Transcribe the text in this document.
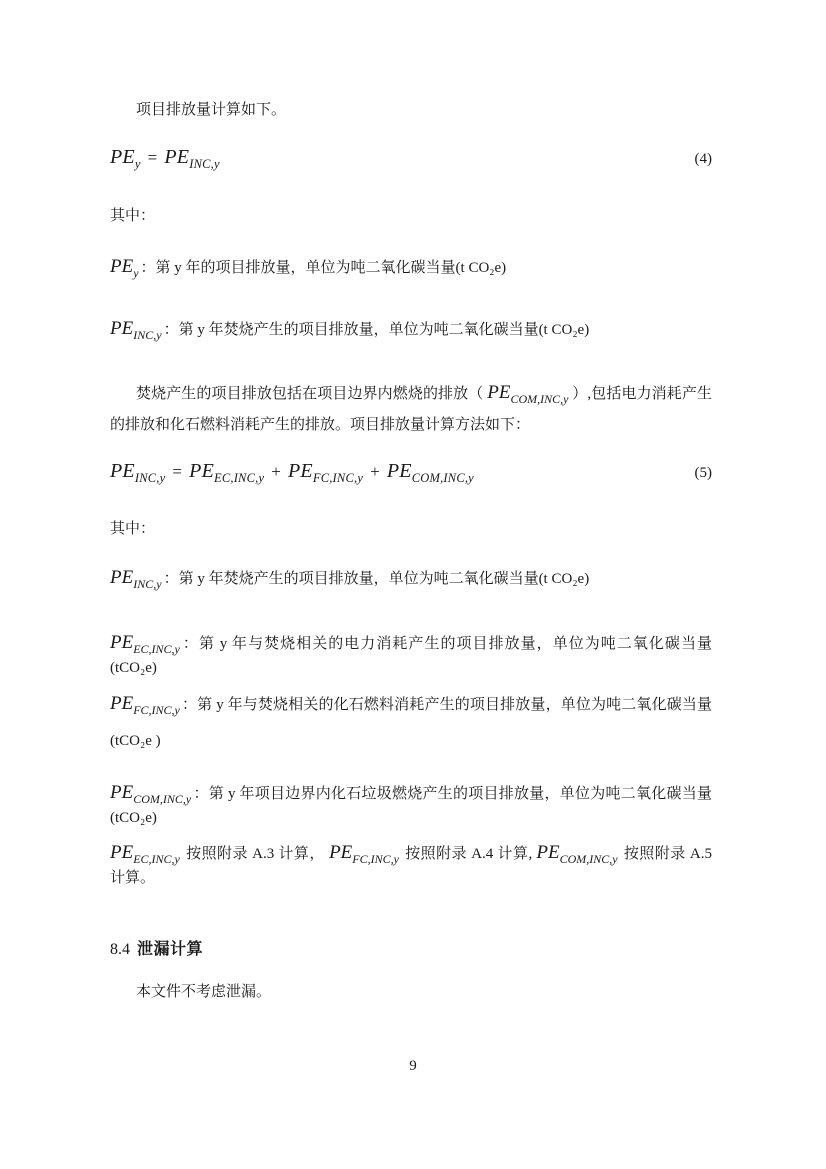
项目排放量计算如下。

$PE_y = PE_{INC,y}$	(4)

其中：

$PE_y$ ：第 y 年的项目排放量，单位为吨二氧化碳当量(t CO₂e)

$PE_{INC,y}$ ：第 y 年焚烧产生的项目排放量，单位为吨二氧化碳当量(t CO₂e)

焚烧产生的项目排放包括在项目边界内燃烧的排放（ $PE_{COM,INC,y}$ ）,包括电力消耗产生的排放和化石燃料消耗产生的排放。项目排放量计算方法如下：

$PE_{INC,y} = PE_{EC,INC,y} + PE_{FC,INC,y} + PE_{COM,INC,y}$	(5)

其中：

$PE_{INC,y}$ ：第 y 年焚烧产生的项目排放量，单位为吨二氧化碳当量(t CO₂e)

$PE_{EC,INC,y}$ ：第 y 年与焚烧相关的电力消耗产生的项目排放量，单位为吨二氧化碳当量(tCO₂e)

$PE_{FC,INC,y}$ ：第 y 年与焚烧相关的化石燃料消耗产生的项目排放量，单位为吨二氧化碳当量(tCO₂e )

$PE_{COM,INC,y}$ ：第 y 年项目边界内化石垃圾燃烧产生的项目排放量，单位为吨二氧化碳当量(tCO₂e)

$PE_{EC,INC,y}$ 按照附录 A.3 计算， $PE_{FC,INC,y}$ 按照附录 A.4 计算, $PE_{COM,INC,y}$ 按照附录 A.5 计算。

8.4 泄漏计算

本文件不考虑泄漏。

9
